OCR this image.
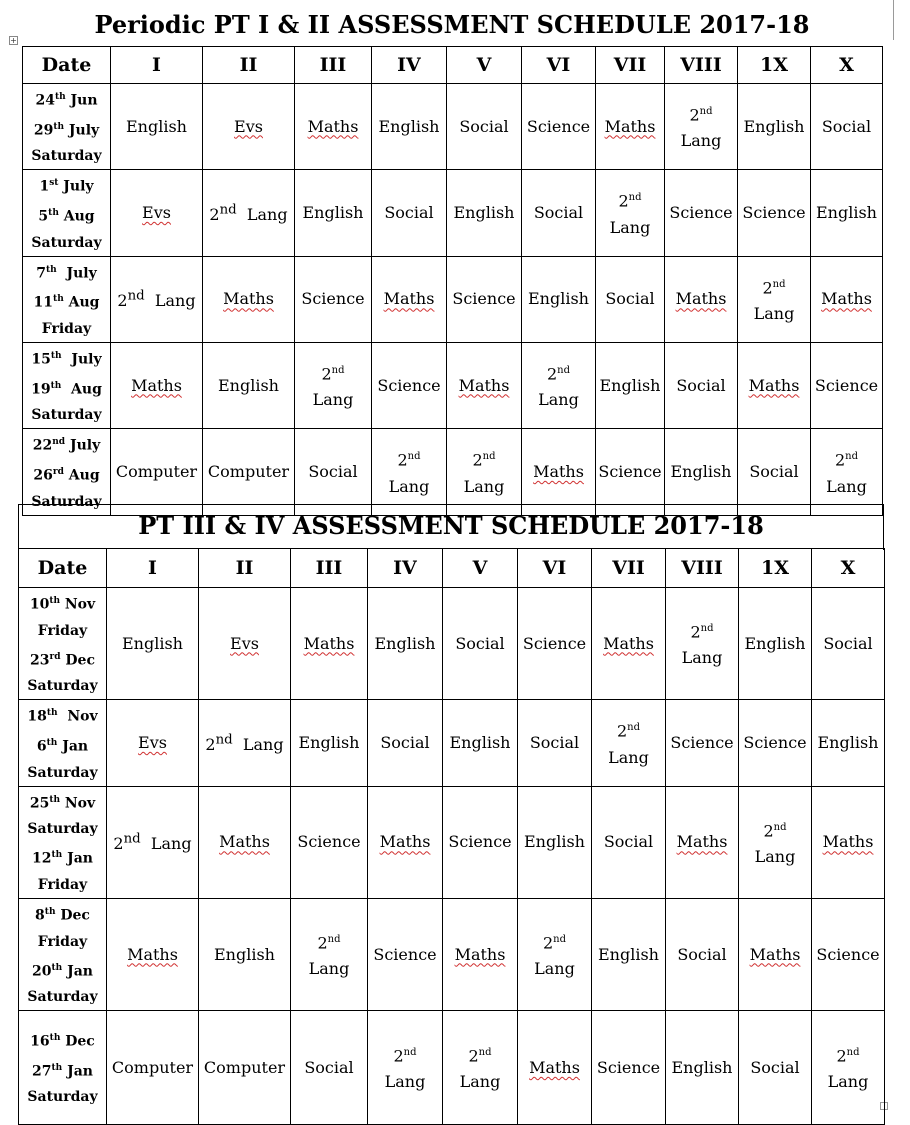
+
Periodic PT I & II ASSESSMENT SCHEDULE 2017-18
Date	I	II	III	IV	V	VI	VII	VIII	1X	X

24th Jun
29th July
Saturday	English	Evs	Maths	English	Social	Science	Maths	2nd
Lang	English	Social

1st July
5th Aug
Saturday	Evs	2nd  Lang	English	Social	English	Social	2nd
Lang	Science	Science	English

7th  July
11th Aug
Friday	2nd  Lang	Maths	Science	Maths	Science	English	Social	Maths	2nd
Lang	Maths

15th  July
19th  Aug
Saturday	Maths	English	2nd
Lang	Science	Maths	2nd
Lang	English	Social	Maths	Science

22nd July
26rd Aug
Saturday	Computer	Computer	Social	2nd
Lang	2nd
Lang	Maths	Science	English	Social	2nd
Lang
PT III & IV ASSESSMENT SCHEDULE 2017-18
Date	I	II	III	IV	V	VI	VII	VIII	1X	X

10th Nov
Friday
23rd Dec
Saturday	English	Evs	Maths	English	Social	Science	Maths	2nd
Lang	English	Social

18th  Nov
6th Jan
Saturday	Evs	2nd  Lang	English	Social	English	Social	2nd
Lang	Science	Science	English

25th Nov
Saturday
12th Jan
Friday	2nd  Lang	Maths	Science	Maths	Science	English	Social	Maths	2nd
Lang	Maths

8th Dec
Friday
20th Jan
Saturday	Maths	English	2nd
Lang	Science	Maths	2nd
Lang	English	Social	Maths	Science

16th Dec
27th Jan
Saturday	Computer	Computer	Social	2nd
Lang	2nd
Lang	Maths	Science	English	Social	2nd
Lang
